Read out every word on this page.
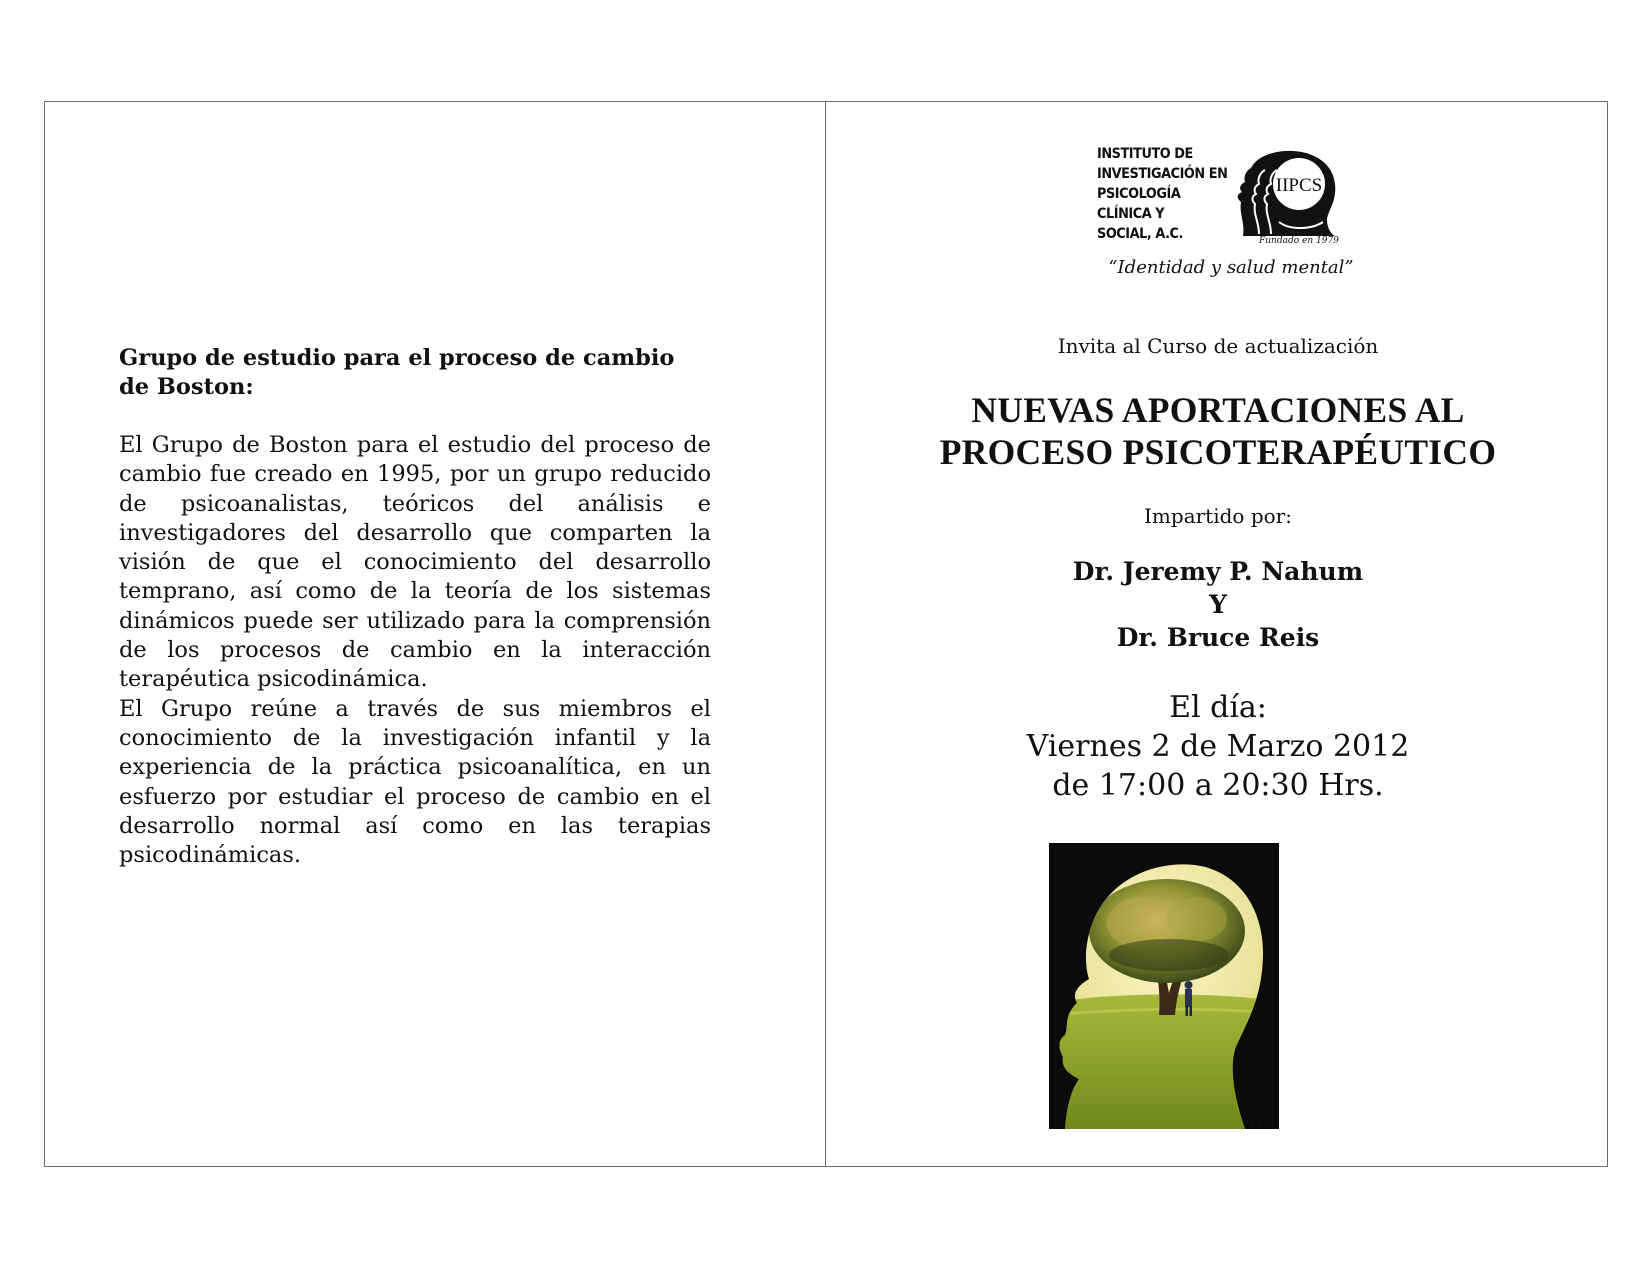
Grupo de estudio para el proceso de cambio
de Boston:

El Grupo de Boston para el estudio del proceso de cambio fue creado en 1995, por un grupo reducido de psicoanalistas, teóricos del análisis e investigadores del desarrollo que comparten la visión de que el conocimiento del desarrollo temprano, así como de la teoría de los sistemas dinámicos puede ser utilizado para la comprensión de los procesos de cambio en la interacción terapéutica psicodinámica.

El Grupo reúne a través de sus miembros el conocimiento de la investigación infantil y la experiencia de la práctica psicoanalítica, en un esfuerzo por estudiar el proceso de cambio en el desarrollo normal así como en las terapias psicodinámicas.

INSTITUTO DE
INVESTIGACIÓN EN
PSICOLOGÍA
CLÍNICA Y
SOCIAL, A.C.
IIPCS
Fundado en 1979
“Identidad y salud mental”
Invita al Curso de actualización
NUEVAS APORTACIONES AL
PROCESO PSICOTERAPÉUTICO
Impartido por:
Dr. Jeremy P. Nahum
Y
Dr. Bruce Reis
El día:
Viernes 2 de Marzo 2012
de 17:00 a 20:30 Hrs.
. . . . .
